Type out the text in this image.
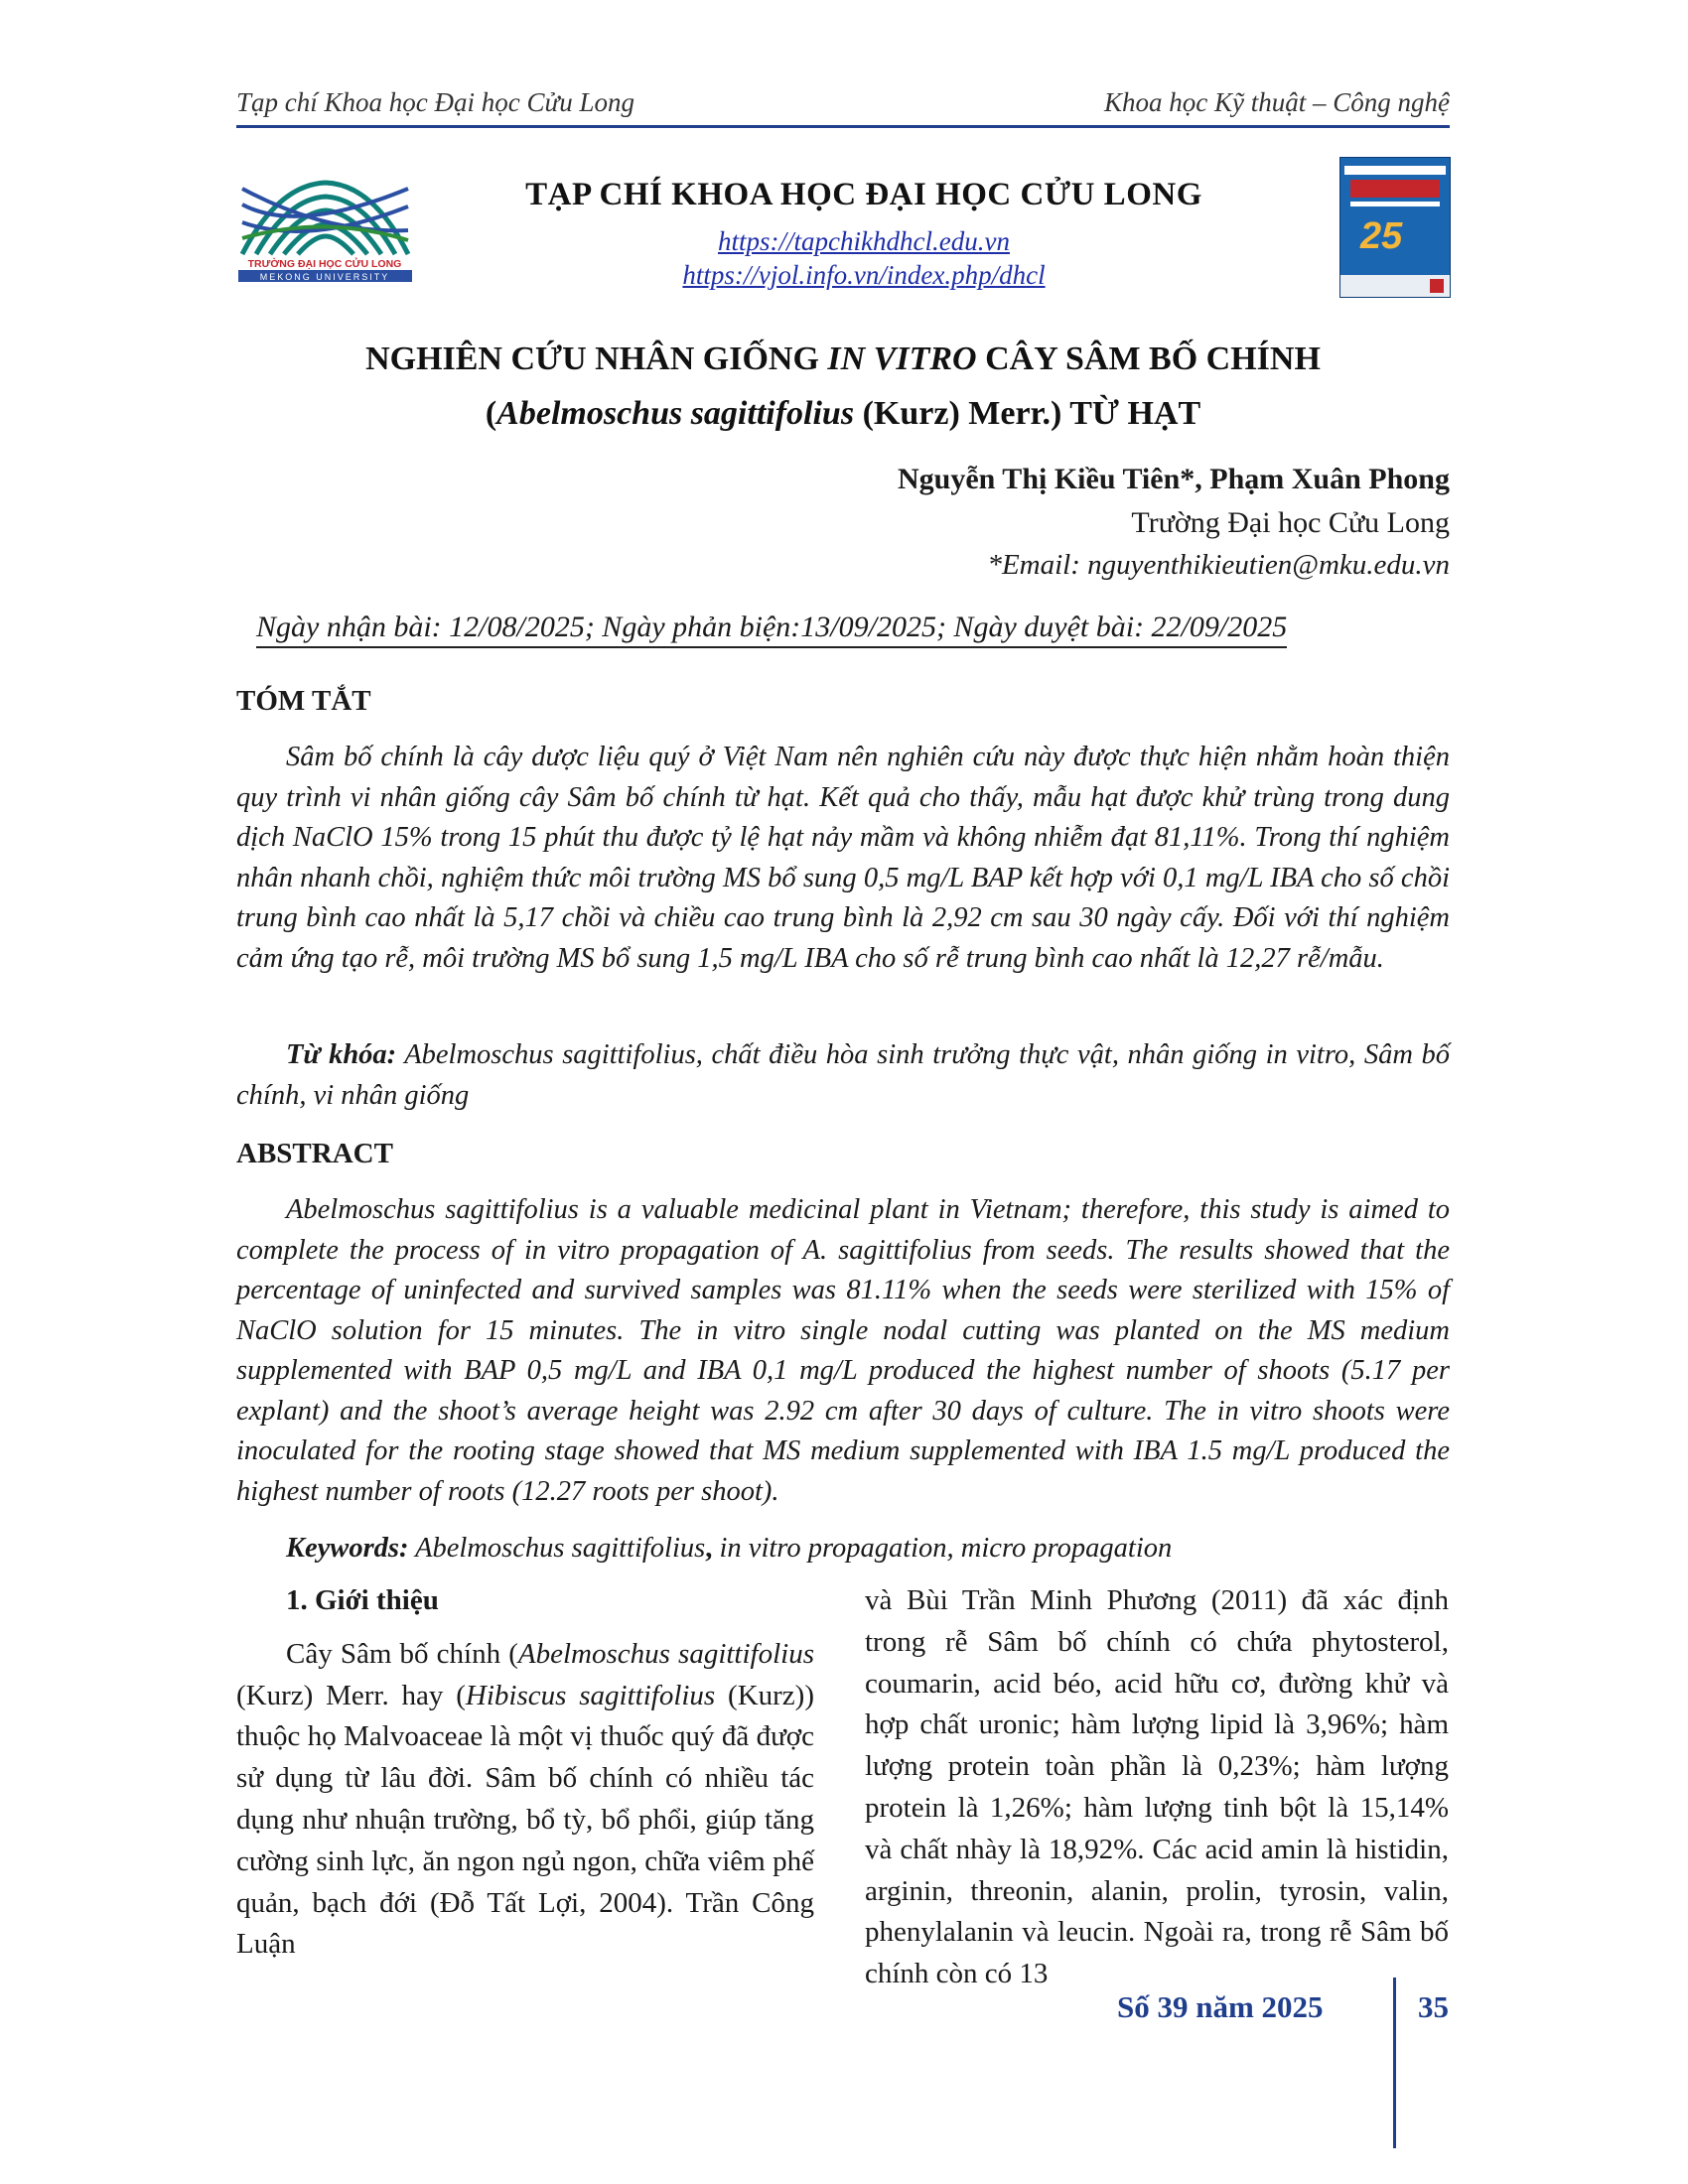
Tạp chí Khoa học Đại học Cửu Long	Khoa học Kỹ thuật – Công nghệ
TRƯỜNG ĐẠI HỌC CỬU LONG
MEKONG UNIVERSITY
TẠP CHÍ KHOA HỌC ĐẠI HỌC CỬU LONG
https://tapchikhdhcl.edu.vn
https://vjol.info.vn/index.php/dhcl
25
NGHIÊN CỨU NHÂN GIỐNG IN VITRO CÂY SÂM BỐ CHÍNH
(Abelmoschus sagittifolius (Kurz) Merr.) TỪ HẠT
Nguyễn Thị Kiều Tiên*, Phạm Xuân Phong
Trường Đại học Cửu Long
*Email: nguyenthikieutien@mku.edu.vn
Ngày nhận bài: 12/08/2025; Ngày phản biện:13/09/2025; Ngày duyệt bài: 22/09/2025
TÓM TẮT
Sâm bố chính là cây dược liệu quý ở Việt Nam nên nghiên cứu này được thực hiện nhằm hoàn thiện quy trình vi nhân giống cây Sâm bố chính từ hạt. Kết quả cho thấy, mẫu hạt được khử trùng trong dung dịch NaClO 15% trong 15 phút thu được tỷ lệ hạt nảy mầm và không nhiễm đạt 81,11%. Trong thí nghiệm nhân nhanh chồi, nghiệm thức môi trường MS bổ sung 0,5 mg/L BAP kết hợp với 0,1 mg/L IBA cho số chồi trung bình cao nhất là 5,17 chồi và chiều cao trung bình là 2,92 cm sau 30 ngày cấy. Đối với thí nghiệm cảm ứng tạo rễ, môi trường MS bổ sung 1,5 mg/L IBA cho số rễ trung bình cao nhất là 12,27 rễ/mẫu.
Từ khóa: Abelmoschus sagittifolius, chất điều hòa sinh trưởng thực vật, nhân giống in vitro, Sâm bố chính, vi nhân giống
ABSTRACT
Abelmoschus sagittifolius is a valuable medicinal plant in Vietnam; therefore, this study is aimed to complete the process of in vitro propagation of A. sagittifolius from seeds. The results showed that the percentage of uninfected and survived samples was 81.11% when the seeds were sterilized with 15% of NaClO solution for 15 minutes. The in vitro single nodal cutting was planted on the MS medium supplemented with BAP 0,5 mg/L and IBA 0,1 mg/L produced the highest number of shoots (5.17 per explant) and the shoot’s average height was 2.92 cm after 30 days of culture. The in vitro shoots were inoculated for the rooting stage showed that MS medium supplemented with IBA 1.5 mg/L produced the highest number of roots (12.27 roots per shoot).
Keywords: Abelmoschus sagittifolius, in vitro propagation, micro propagation

1. Giới thiệu

Cây Sâm bố chính (Abelmoschus sagittifolius (Kurz) Merr. hay (Hibiscus sagittifolius (Kurz)) thuộc họ Malvoaceae là một vị thuốc quý đã được sử dụng từ lâu đời. Sâm bố chính có nhiều tác dụng như nhuận trường, bổ tỳ, bổ phổi, giúp tăng cường sinh lực, ăn ngon ngủ ngon, chữa viêm phế quản, bạch đới (Đỗ Tất Lợi, 2004). Trần Công Luận

và Bùi Trần Minh Phương (2011) đã xác định trong rễ Sâm bố chính có chứa phytosterol, coumarin, acid béo, acid hữu cơ, đường khử và hợp chất uronic; hàm lượng lipid là 3,96%; hàm lượng protein toàn phần là 0,23%; hàm lượng protein là 1,26%; hàm lượng tinh bột là 15,14% và chất nhày là 18,92%. Các acid amin là histidin, arginin, threonin, alanin, prolin, tyrosin, valin, phenylalanin và leucin. Ngoài ra, trong rễ Sâm bố chính còn có 13

Số 39 năm 2025	35
